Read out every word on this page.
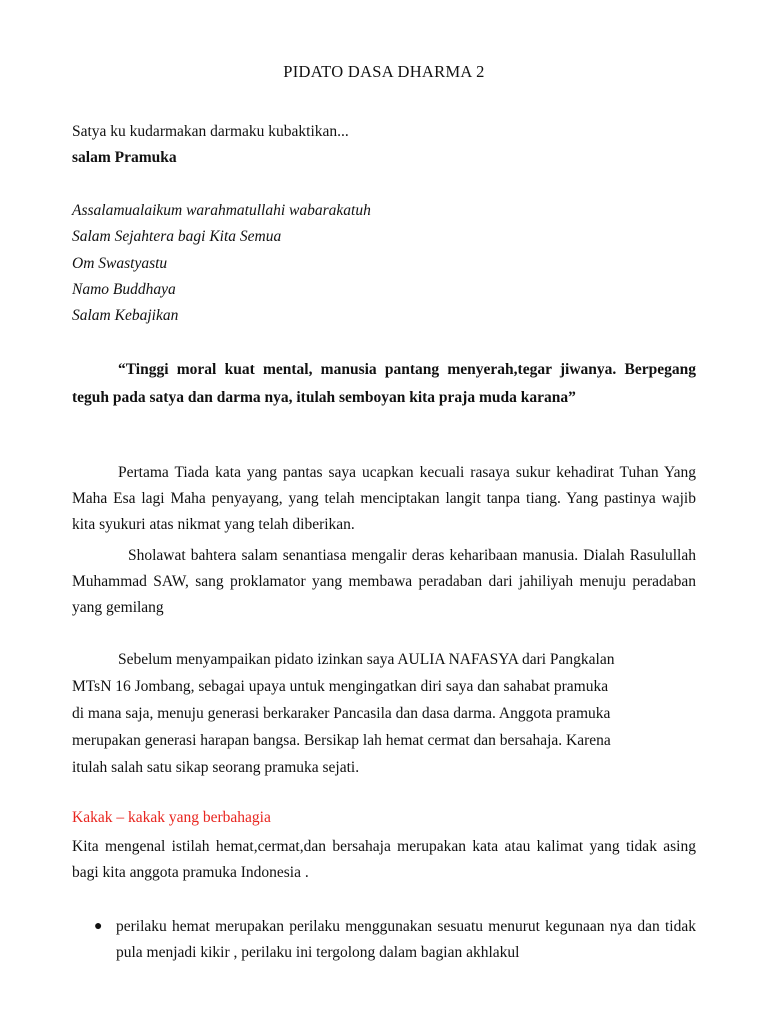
PIDATO DASA DHARMA 2
Satya ku kudarmakan darmaku kubaktikan...
salam Pramuka
Assalamualaikum warahmatullahi wabarakatuh
Salam Sejahtera bagi Kita Semua
Om Swastyastu
Namo Buddhaya
Salam Kebajikan
“Tinggi moral kuat mental, manusia pantang menyerah,tegar jiwanya. Berpegang teguh pada satya dan darma nya, itulah semboyan kita praja muda karana”
Pertama Tiada kata yang pantas saya ucapkan kecuali rasaya sukur kehadirat Tuhan Yang Maha Esa lagi Maha penyayang, yang telah menciptakan langit tanpa tiang. Yang pastinya wajib kita syukuri atas nikmat yang telah diberikan.
Sholawat bahtera salam senantiasa mengalir deras keharibaan manusia. Dialah Rasulullah Muhammad SAW, sang proklamator yang membawa peradaban dari jahiliyah menuju peradaban yang gemilang
Sebelum menyampaikan pidato izinkan saya AULIA NAFASYA dari Pangkalan
MTsN 16 Jombang, sebagai upaya untuk mengingatkan diri saya dan sahabat pramuka
di mana saja, menuju generasi berkaraker Pancasila dan dasa darma. Anggota pramuka
merupakan generasi harapan bangsa. Bersikap lah hemat cermat dan bersahaja. Karena
itulah salah satu sikap seorang pramuka sejati.
Kakak – kakak yang berbahagia
Kita mengenal istilah hemat,cermat,dan bersahaja merupakan kata atau kalimat yang tidak asing bagi kita anggota pramuka Indonesia .
● perilaku hemat merupakan perilaku menggunakan sesuatu menurut kegunaan nya dan tidak pula menjadi kikir , perilaku ini tergolong dalam bagian akhlakul
